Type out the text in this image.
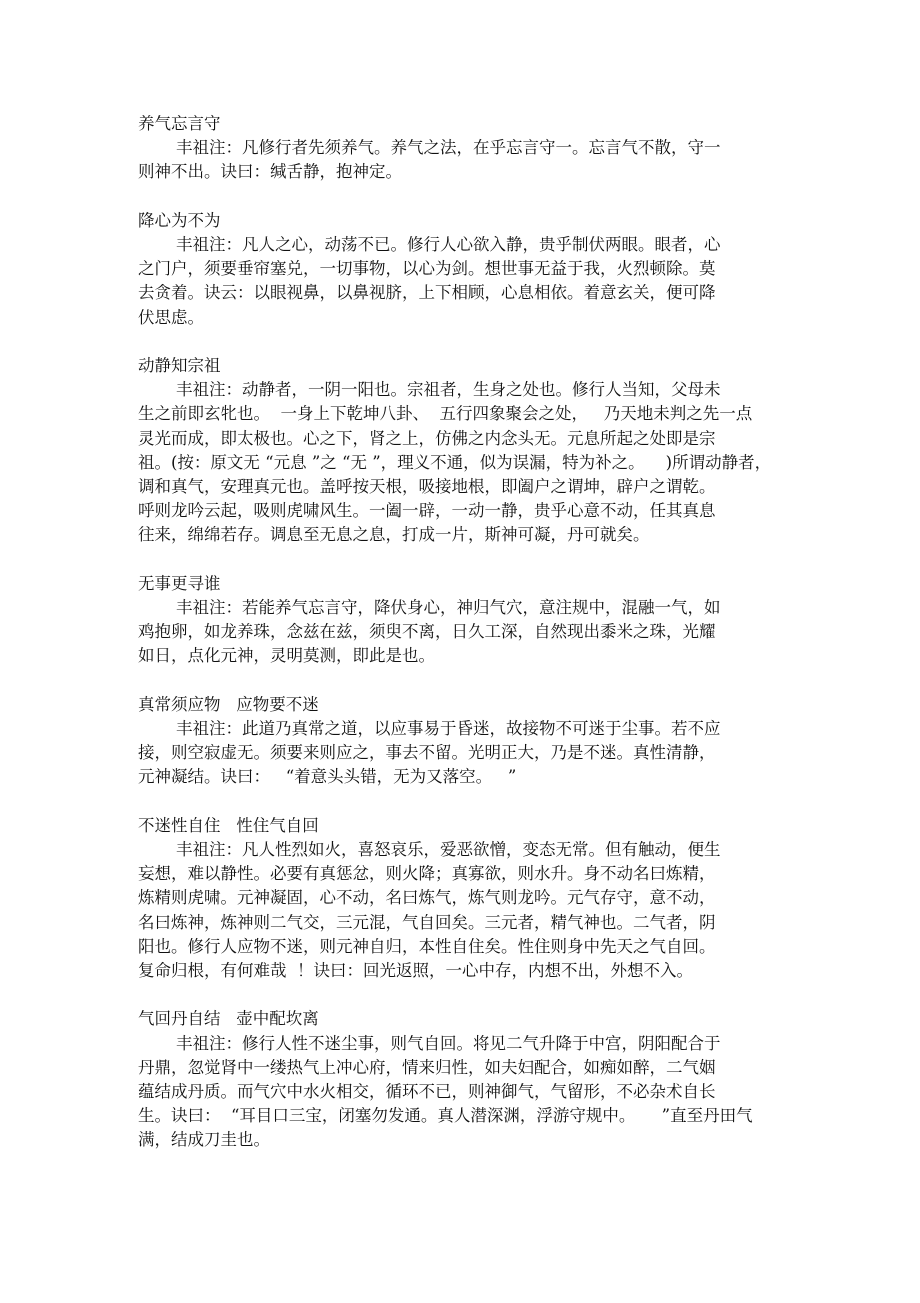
养气忘言守
丰祖注：凡修行者先须养气。养气之法，在乎忘言守一。忘言气不散，守一
则神不出。诀曰：缄舌静，抱神定。
降心为不为
丰祖注：凡人之心，动荡不已。修行人心欲入静，贵乎制伏两眼。眼者，心
之门户，须要垂帘塞兑，一切事物，以心为剑。想世事无益于我，火烈顿除。莫
去贪着。诀云：以眼视鼻，以鼻视脐，上下相顾，心息相依。着意玄关，便可降
伏思虑。
动静知宗祖
丰祖注：动静者，一阴一阳也。宗祖者，生身之处也。修行人当知，父母未
生之前即玄牝也。  一身上下乾坤八卦、  五行四象聚会之处，   乃天地未判之先一点
灵光而成，即太极也。心之下，肾之上，仿佛之内念头无。元息所起之处即是宗
祖。(按：原文无 “元息 ”之 “无 ”，理义不通，似为误漏，特为补之。    )所谓动静者，
调和真气，安理真元也。盖呼按天根，吸接地根，即阖户之谓坤，辟户之谓乾。
呼则龙吟云起，吸则虎啸风生。一阖一辟，一动一静，贵乎心意不动，任其真息
往来，绵绵若存。调息至无息之息，打成一片，斯神可凝，丹可就矣。
无事更寻谁
丰祖注：若能养气忘言守，降伏身心，神归气穴，意注规中，混融一气，如
鸡抱卵，如龙养珠，念兹在兹，须臾不离，日久工深，自然现出黍米之珠，光耀
如日，点化元神，灵明莫测，即此是也。
真常须应物   应物要不迷
丰祖注：此道乃真常之道，以应事易于昏迷，故接物不可迷于尘事。若不应
接，则空寂虚无。须要来则应之，事去不留。光明正大，乃是不迷。真性清静，
元神凝结。诀曰：   “着意头头错，无为又落空。   ”
不迷性自住   性住气自回
丰祖注：凡人性烈如火，喜怒哀乐，爱恶欲憎，变态无常。但有触动，便生
妄想，难以静性。必要有真惩忿，则火降；真寡欲，则水升。身不动名曰炼精，
炼精则虎啸。元神凝固，心不动，名曰炼气，炼气则龙吟。元气存守，意不动，
名曰炼神，炼神则二气交，三元混，气自回矣。三元者，精气神也。二气者，阴
阳也。修行人应物不迷，则元神自归，本性自住矣。性住则身中先天之气自回。
复命归根，有何难哉  ！诀曰：回光返照，一心中存，内想不出，外想不入。
气回丹自结   壶中配坎离
丰祖注：修行人性不迷尘事，则气自回。将见二气升降于中宫，阴阳配合于
丹鼎，忽觉肾中一缕热气上冲心府，情来归性，如夫妇配合，如痴如醉，二气姻
蕴结成丹质。而气穴中水火相交，循环不已，则神御气，气留形，不必杂术自长
生。诀曰：  “耳目口三宝，闭塞勿发通。真人潜深渊，浮游守规中。     ”直至丹田气
满，结成刀圭也。
